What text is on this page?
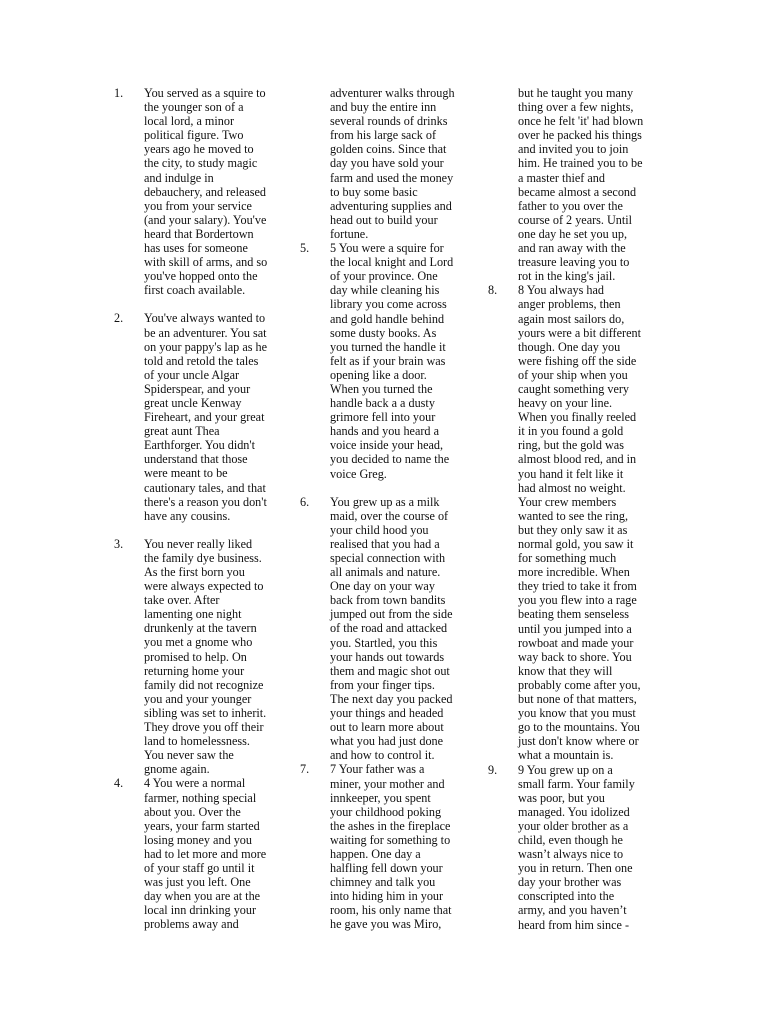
1.	You served as a squire to
the younger son of a
local lord, a minor
political figure. Two
years ago he moved to
the city, to study magic
and indulge in
debauchery, and released
you from your service
(and your salary). You've
heard that Bordertown
has uses for someone
with skill of arms, and so
you've hopped onto the
first coach available.
2.	You've always wanted to
be an adventurer. You sat
on your pappy's lap as he
told and retold the tales
of your uncle Algar
Spiderspear, and your
great uncle Kenway
Fireheart, and your great
great aunt Thea
Earthforger. You didn't
understand that those
were meant to be
cautionary tales, and that
there's a reason you don't
have any cousins.
3.	You never really liked
the family dye business.
As the first born you
were always expected to
take over. After
lamenting one night
drunkenly at the tavern
you met a gnome who
promised to help. On
returning home your
family did not recognize
you and your younger
sibling was set to inherit.
They drove you off their
land to homelessness.
You never saw the
gnome again.
4.	4 You were a normal
farmer, nothing special
about you. Over the
years, your farm started
losing money and you
had to let more and more
of your staff go until it
was just you left. One
day when you are at the
local inn drinking your
problems away and
adventurer walks through
and buy the entire inn
several rounds of drinks
from his large sack of
golden coins. Since that
day you have sold your
farm and used the money
to buy some basic
adventuring supplies and
head out to build your
fortune.
5.	5 You were a squire for
the local knight and Lord
of your province. One
day while cleaning his
library you come across
and gold handle behind
some dusty books. As
you turned the handle it
felt as if your brain was
opening like a door.
When you turned the
handle back a a dusty
grimore fell into your
hands and you heard a
voice inside your head,
you decided to name the
voice Greg.
6.	You grew up as a milk
maid, over the course of
your child hood you
realised that you had a
special connection with
all animals and nature.
One day on your way
back from town bandits
jumped out from the side
of the road and attacked
you. Startled, you this
your hands out towards
them and magic shot out
from your finger tips.
The next day you packed
your things and headed
out to learn more about
what you had just done
and how to control it.
7.	7 Your father was a
miner, your mother and
innkeeper, you spent
your childhood poking
the ashes in the fireplace
waiting for something to
happen. One day a
halfling fell down your
chimney and talk you
into hiding him in your
room, his only name that
he gave you was Miro,
but he taught you many
thing over a few nights,
once he felt 'it' had blown
over he packed his things
and invited you to join
him. He trained you to be
a master thief and
became almost a second
father to you over the
course of 2 years. Until
one day he set you up,
and ran away with the
treasure leaving you to
rot in the king's jail.
8.	8 You always had
anger problems, then
again most sailors do,
yours were a bit different
though. One day you
were fishing off the side
of your ship when you
caught something very
heavy on your line.
When you finally reeled
it in you found a gold
ring, but the gold was
almost blood red, and in
you hand it felt like it
had almost no weight.
Your crew members
wanted to see the ring,
but they only saw it as
normal gold, you saw it
for something much
more incredible. When
they tried to take it from
you you flew into a rage
beating them senseless
until you jumped into a
rowboat and made your
way back to shore. You
know that they will
probably come after you,
but none of that matters,
you know that you must
go to the mountains. You
just don't know where or
what a mountain is.
9.	9 You grew up on a
small farm. Your family
was poor, but you
managed. You idolized
your older brother as a
child, even though he
wasn’t always nice to
you in return. Then one
day your brother was
conscripted into the
army, and you haven’t
heard from him since -
